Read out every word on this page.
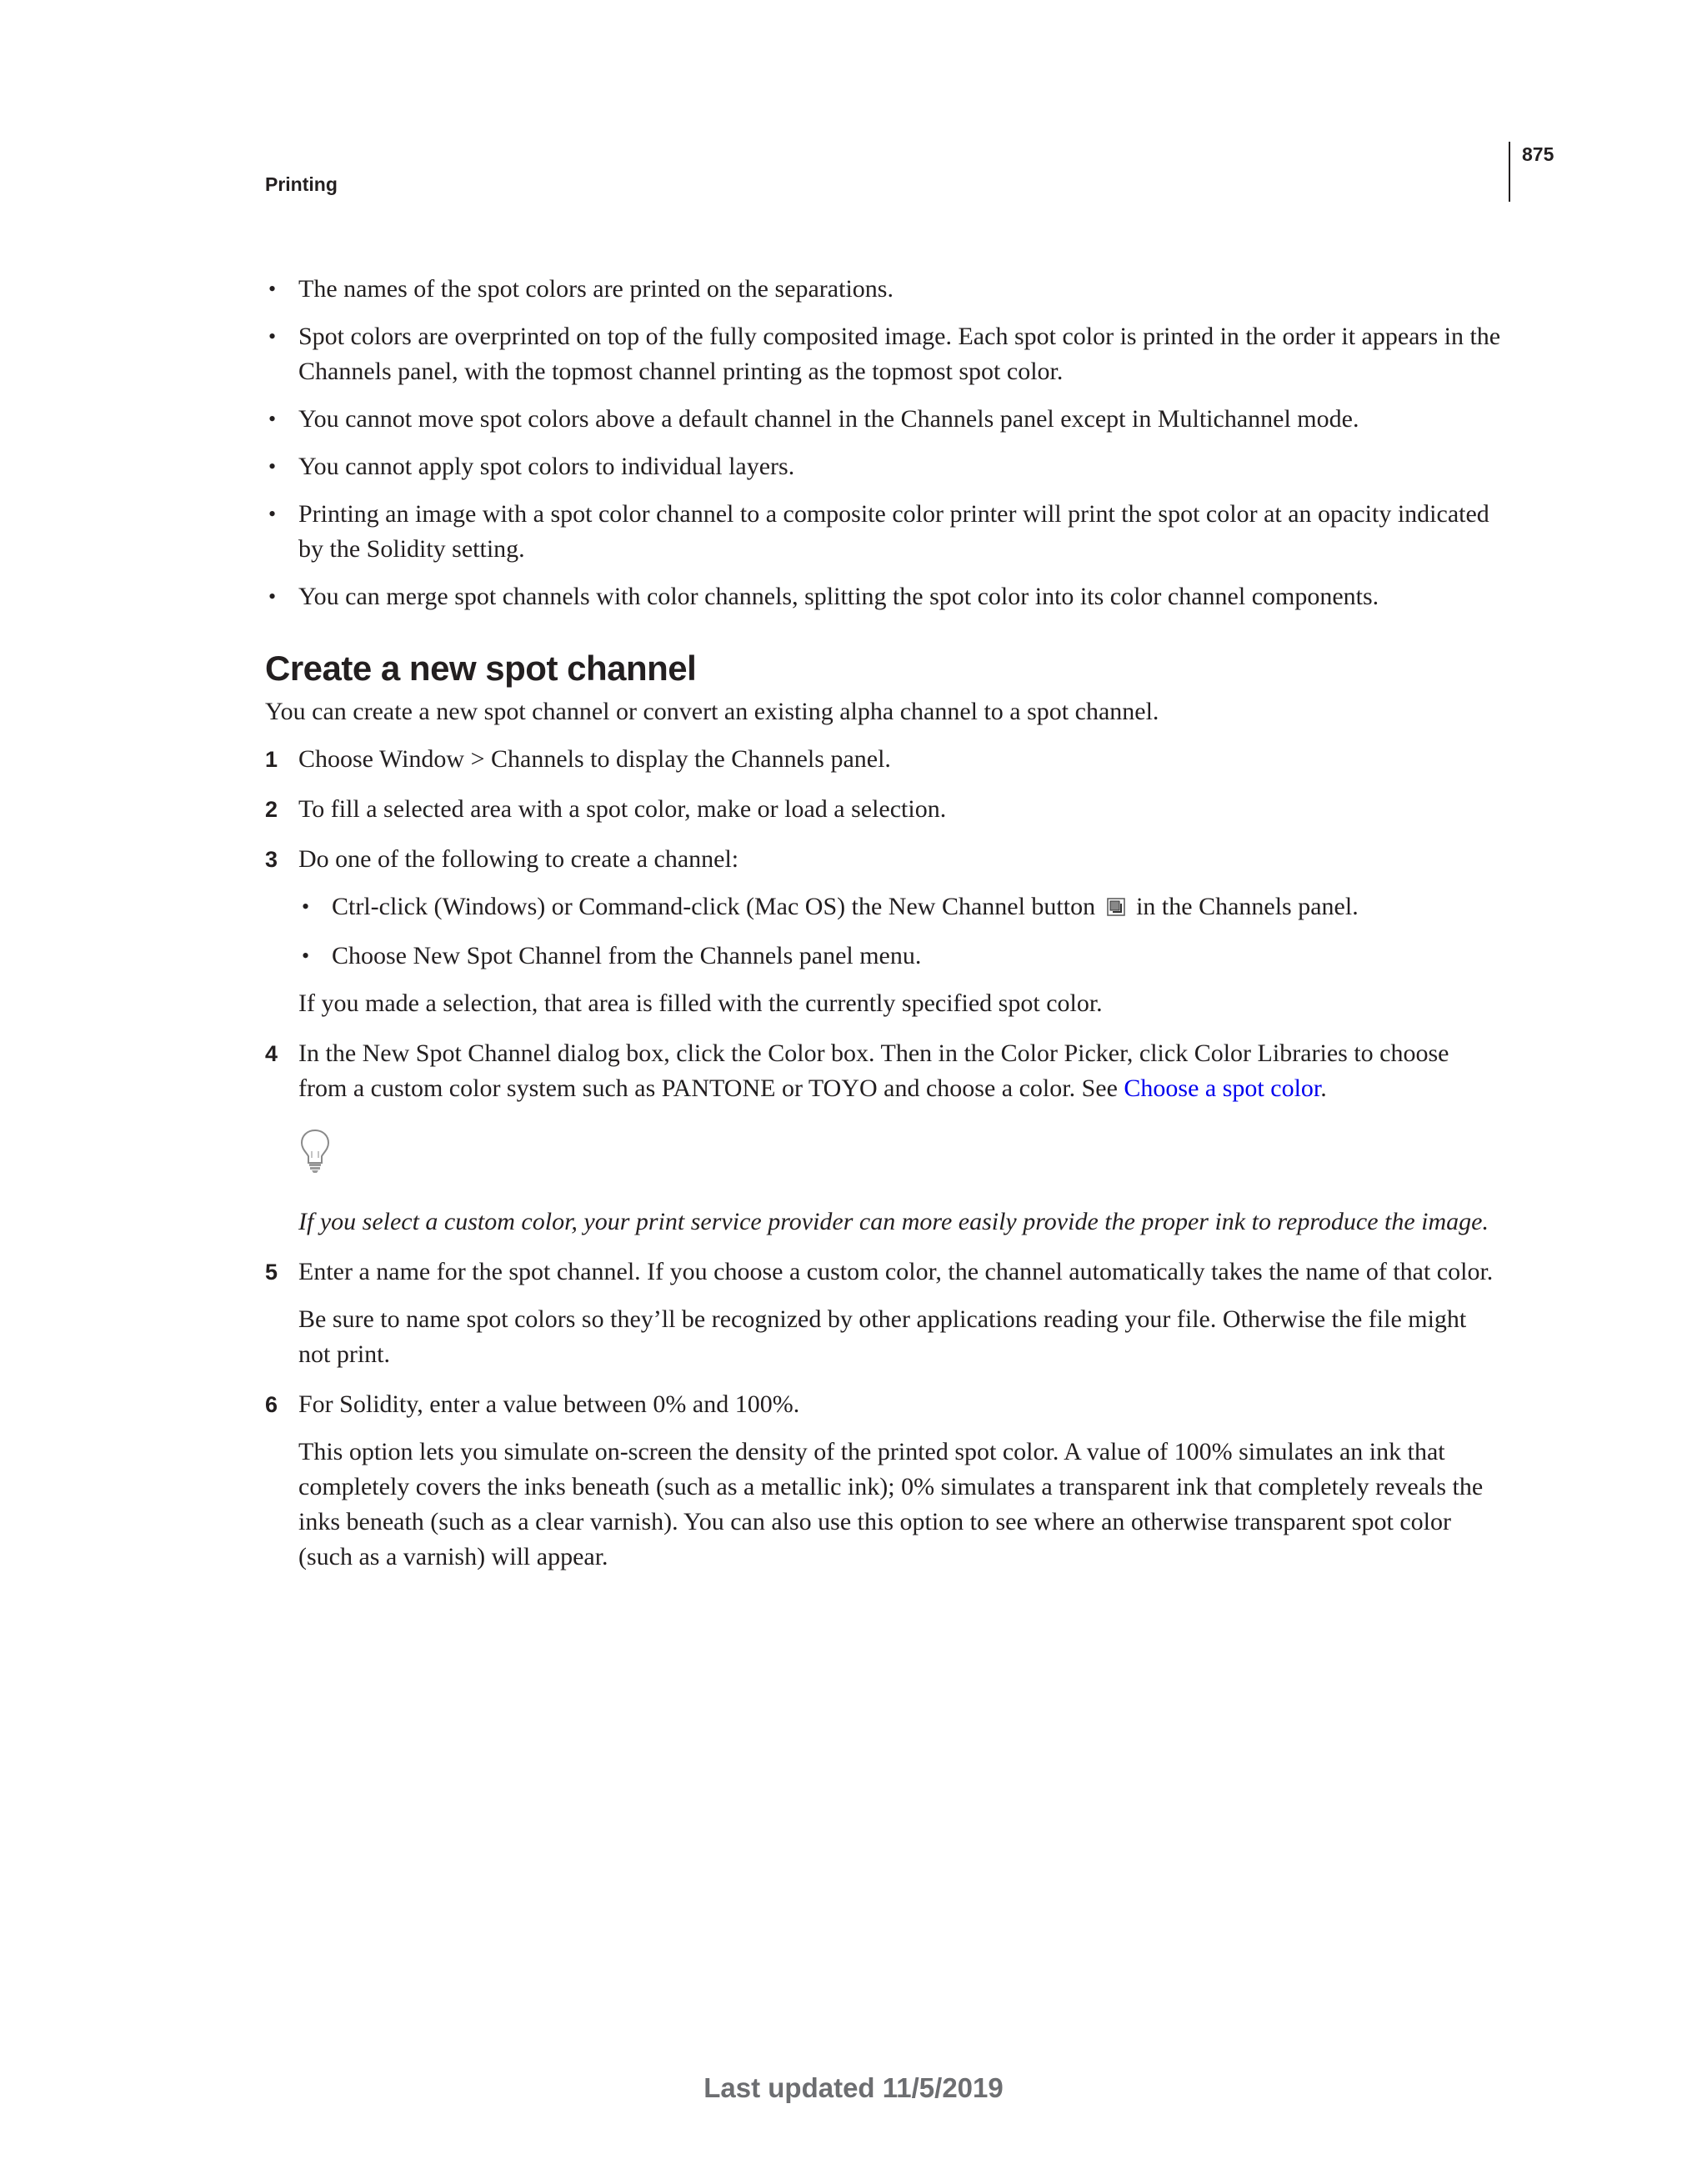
Printing
875
• The names of the spot colors are printed on the separations.
• Spot colors are overprinted on top of the fully composited image. Each spot color is printed in the order it appears in the Channels panel, with the topmost channel printing as the topmost spot color.
• You cannot move spot colors above a default channel in the Channels panel except in Multichannel mode.
• You cannot apply spot colors to individual layers.
• Printing an image with a spot color channel to a composite color printer will print the spot color at an opacity indicated by the Solidity setting.
• You can merge spot channels with color channels, splitting the spot color into its color channel components.
Create a new spot channel

You can create a new spot channel or convert an existing alpha channel to a spot channel.

1 Choose Window > Channels to display the Channels panel.
2 To fill a selected area with a spot color, make or load a selection.
3 Do one of the following to create a channel:
• Ctrl-click (Windows) or Command-click (Mac OS) the New Channel button in the Channels panel.
• Choose New Spot Channel from the Channels panel menu.

If you made a selection, that area is filled with the currently specified spot color.

4 In the New Spot Channel dialog box, click the Color box. Then in the Color Picker, click Color Libraries to choose from a custom color system such as PANTONE or TOYO and choose a color. See Choose a spot color.

If you select a custom color, your print service provider can more easily provide the proper ink to reproduce the image.

5 Enter a name for the spot channel. If you choose a custom color, the channel automatically takes the name of that color.

Be sure to name spot colors so they’ll be recognized by other applications reading your file. Otherwise the file might not print.

6 For Solidity, enter a value between 0% and 100%.

This option lets you simulate on-screen the density of the printed spot color. A value of 100% simulates an ink that completely covers the inks beneath (such as a metallic ink); 0% simulates a transparent ink that completely reveals the inks beneath (such as a clear varnish). You can also use this option to see where an otherwise transparent spot color (such as a varnish) will appear.

Last updated 11/5/2019
